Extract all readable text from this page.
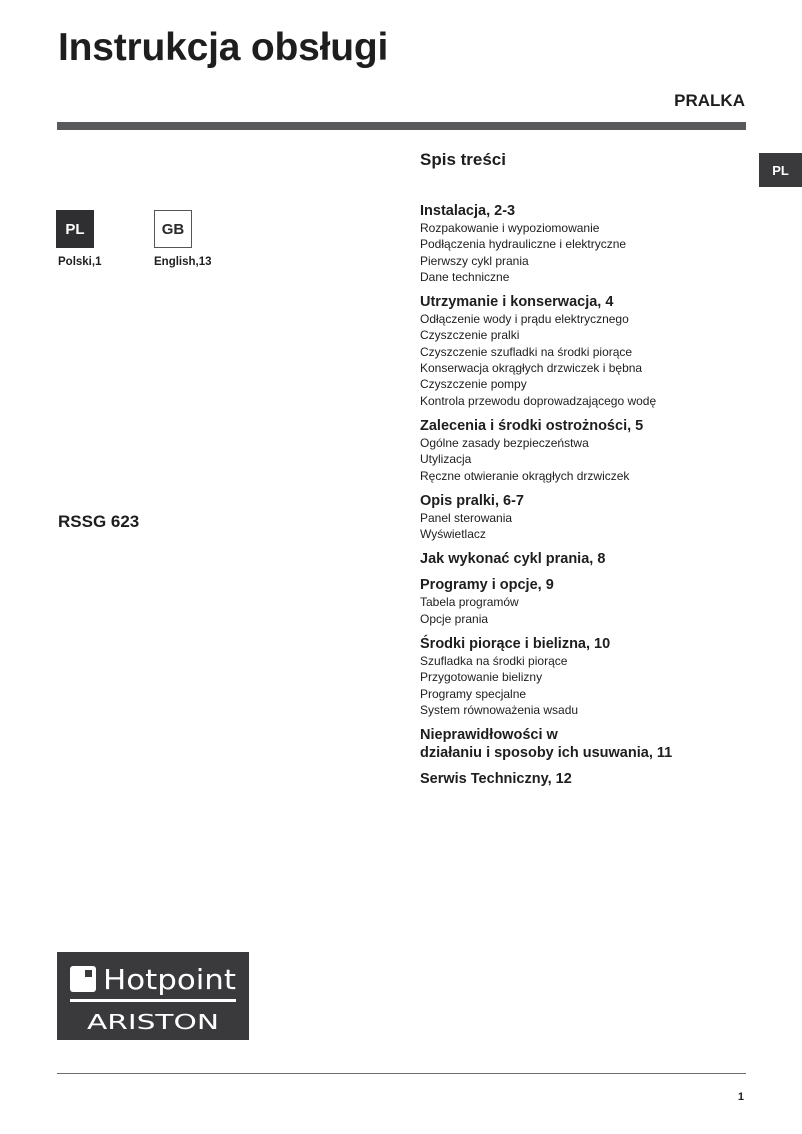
Instrukcja obsługi
PRALKA
PL
PL
Polski,1
GB
English,13
RSSG 623
Spis treści
Instalacja, 2-3
Rozpakowanie i wypoziomowanie
Podłączenia hydrauliczne i elektryczne
Pierwszy cykl prania
Dane techniczne
Utrzymanie i konserwacja, 4
Odłączenie wody i prądu elektrycznego
Czyszczenie pralki
Czyszczenie szufladki na środki piorące
Konserwacja okrągłych drzwiczek i bębna
Czyszczenie pompy
Kontrola przewodu doprowadzającego wodę
Zalecenia i środki ostrożności, 5
Ogólne zasady bezpieczeństwa
Utylizacja
Ręczne otwieranie okrągłych drzwiczek
Opis pralki, 6-7
Panel sterowania
Wyświetlacz
Jak wykonać cykl prania, 8
Programy i opcje, 9
Tabela programów
Opcje prania
Środki piorące i bielizna, 10
Szufladka na środki piorące
Przygotowanie bielizny
Programy specjalne
System równoważenia wsadu
Nieprawidłowości w
działaniu i sposoby ich usuwania, 11
Serwis Techniczny, 12
Hotpoint
ARISTON
1
